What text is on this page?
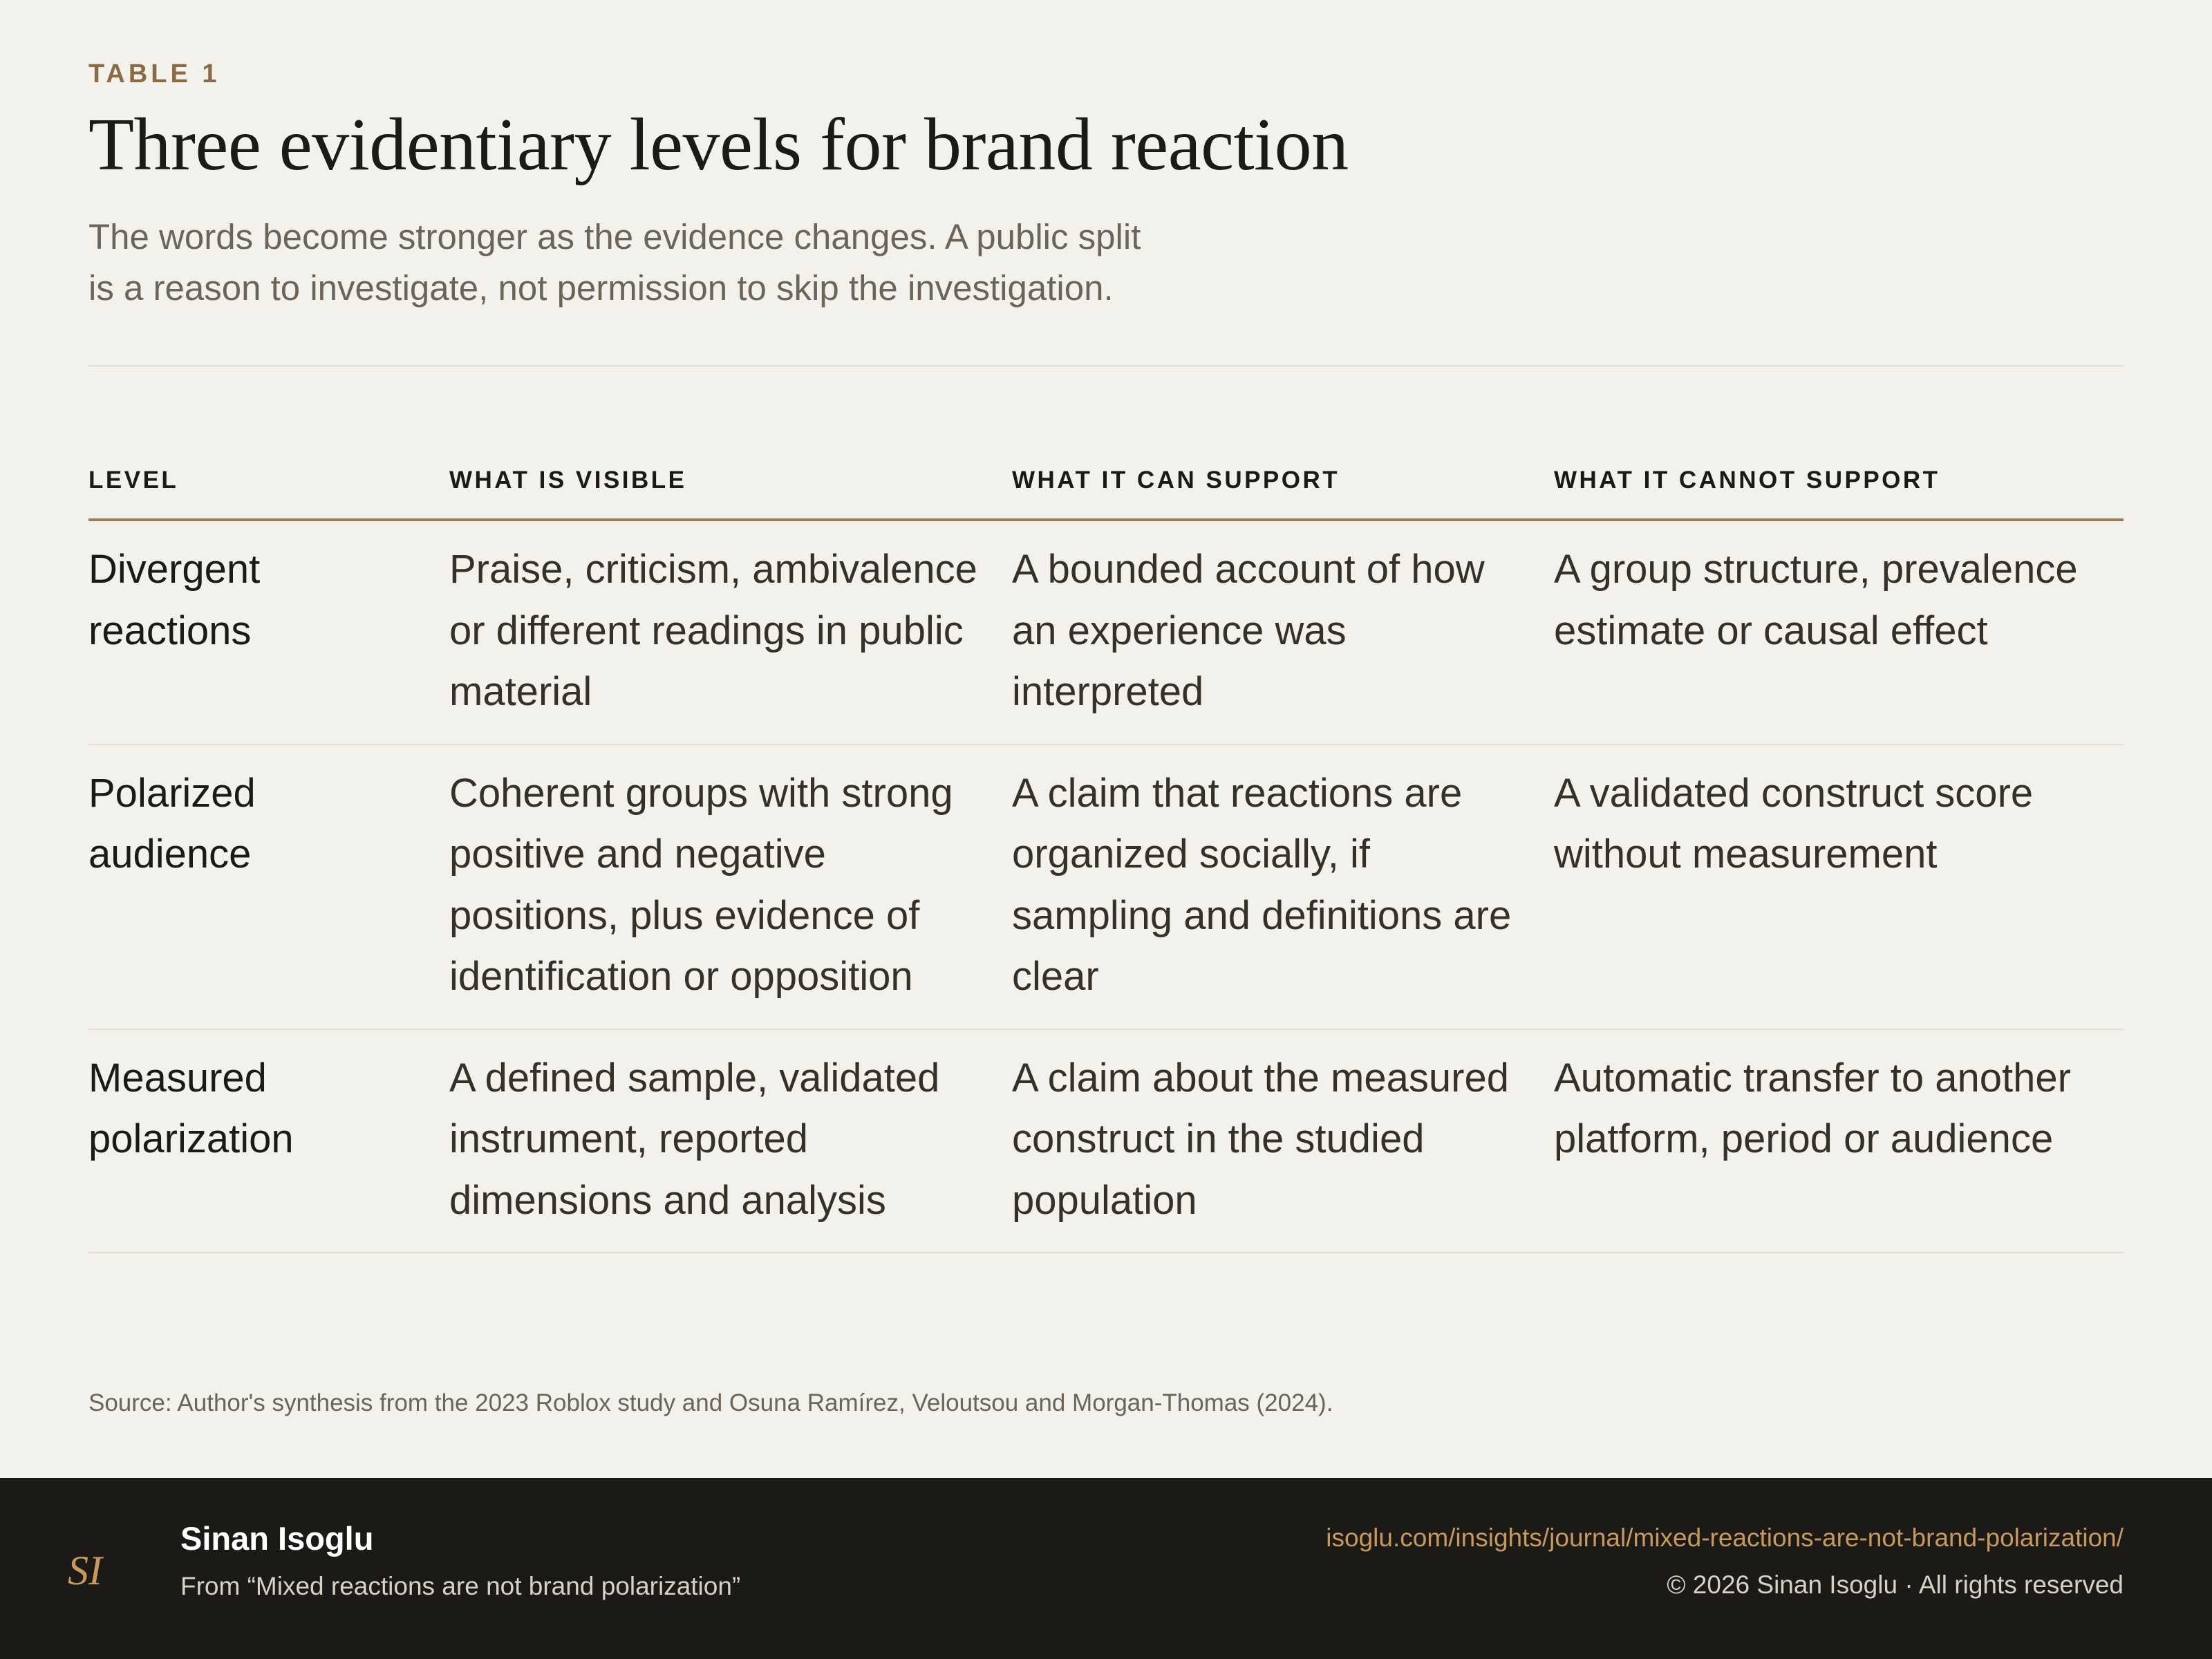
TABLE 1
Three evidentiary levels for brand reaction

The words become stronger as the evidence changes. A public split is a reason to investigate, not permission to skip the investigation.

LEVEL	WHAT IS VISIBLE	WHAT IT CAN SUPPORT	WHAT IT CANNOT SUPPORT
Divergent reactions	Praise, criticism, ambivalence or different readings in public material	A bounded account of how an experience was interpreted	A group structure, prevalence estimate or causal effect
Polarized audience	Coherent groups with strong positive and negative positions, plus evidence of identification or opposition	A claim that reactions are organized socially, if sampling and definitions are clear	A validated construct score without measurement
Measured polarization	A defined sample, validated instrument, reported dimensions and analysis	A claim about the measured construct in the studied population	Automatic transfer to another platform, period or audience
Source: Author's synthesis from the 2023 Roblox study and Osuna Ramírez, Veloutsou and Morgan-Thomas (2024).
SI
Sinan Isoglu
From “Mixed reactions are not brand polarization”
isoglu.com/insights/journal/mixed-reactions-are-not-brand-polarization/
© 2026 Sinan Isoglu · All rights reserved
